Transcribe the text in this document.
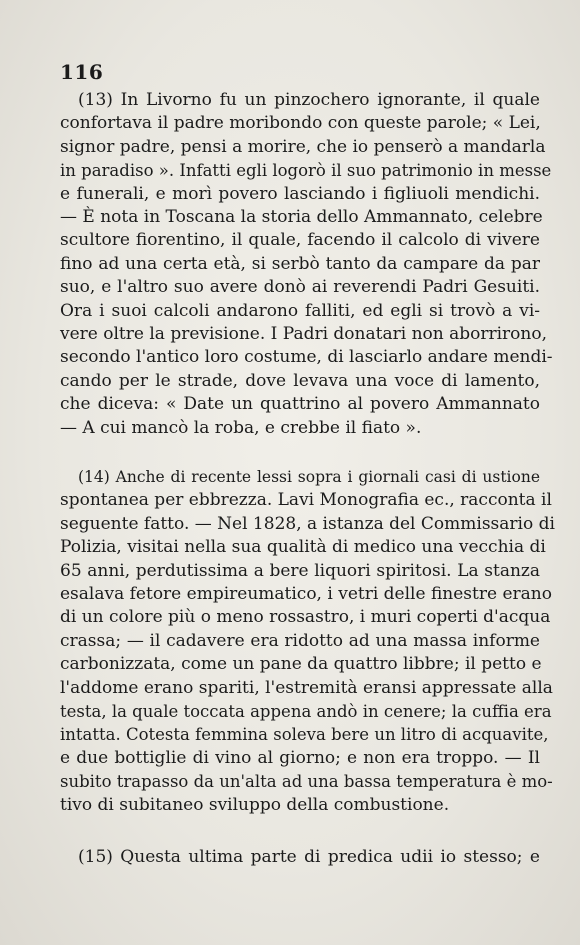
116
(13) In Livorno fu un pinzochero ignorante, il quale
confortava il padre moribondo con queste parole; « Lei,
signor padre, pensi a morire, che io penserò a mandarla
in paradiso ». Infatti egli logorò il suo patrimonio in messe
e funerali, e morì povero lasciando i figliuoli mendichi.
— È nota in Toscana la storia dello Ammannato, celebre
scultore fiorentino, il quale, facendo il calcolo di vivere
fino ad una certa età, si serbò tanto da campare da par
suo, e l'altro suo avere donò ai reverendi Padri Gesuiti.
Ora i suoi calcoli andarono falliti, ed egli si trovò a vi-
vere oltre la previsione. I Padri donatari non aborrirono,
secondo l'antico loro costume, di lasciarlo andare mendi-
cando per le strade, dove levava una voce di lamento,
che diceva: « Date un quattrino al povero Ammannato
— A cui mancò la roba, e crebbe il fiato ».
(14) Anche di recente lessi sopra i giornali casi di ustione
spontanea per ebbrezza. Lavi Monografia ec., racconta il
seguente fatto. — Nel 1828, a istanza del Commissario di
Polizia, visitai nella sua qualità di medico una vecchia di
65 anni, perdutissima a bere liquori spiritosi. La stanza
esalava fetore empireumatico, i vetri delle finestre erano
di un colore più o meno rossastro, i muri coperti d'acqua
crassa; — il cadavere era ridotto ad una massa informe
carbonizzata, come un pane da quattro libbre; il petto e
l'addome erano spariti, l'estremità eransi appressate alla
testa, la quale toccata appena andò in cenere; la cuffia era
intatta. Cotesta femmina soleva bere un litro di acquavite,
e due bottiglie di vino al giorno; e non era troppo. — Il
subito trapasso da un'alta ad una bassa temperatura è mo-
tivo di subitaneo sviluppo della combustione.
(15) Questa ultima parte di predica udii io stesso; e
